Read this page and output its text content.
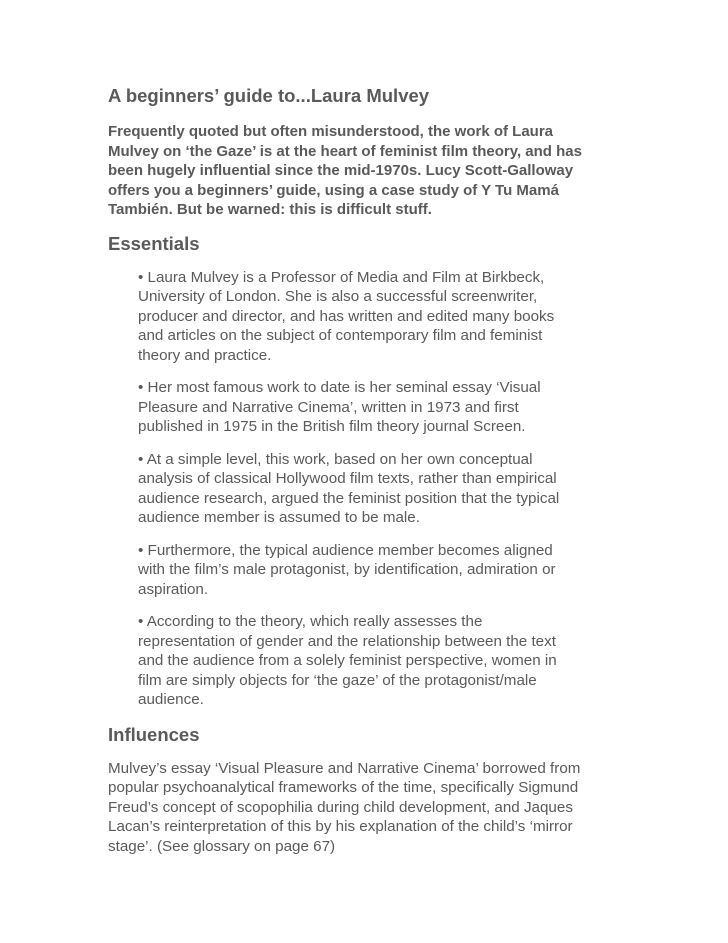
A beginners’ guide to...Laura Mulvey

Frequently quoted but often misunderstood, the work of Laura
Mulvey on ‘the Gaze’ is at the heart of feminist film theory, and has
been hugely influential since the mid-1970s. Lucy Scott-Galloway
offers you a beginners’ guide, using a case study of Y Tu Mamá
También. But be warned: this is difficult stuff.

Essentials

• Laura Mulvey is a Professor of Media and Film at Birkbeck,
University of London. She is also a successful screenwriter,
producer and director, and has written and edited many books
and articles on the subject of contemporary film and feminist
theory and practice.

• Her most famous work to date is her seminal essay ‘Visual
Pleasure and Narrative Cinema’, written in 1973 and first
published in 1975 in the British film theory journal Screen.

• At a simple level, this work, based on her own conceptual
analysis of classical Hollywood film texts, rather than empirical
audience research, argued the feminist position that the typical
audience member is assumed to be male.

• Furthermore, the typical audience member becomes aligned
with the film’s male protagonist, by identification, admiration or
aspiration.

• According to the theory, which really assesses the
representation of gender and the relationship between the text
and the audience from a solely feminist perspective, women in
film are simply objects for ‘the gaze’ of the protagonist/male
audience.

Influences

Mulvey’s essay ‘Visual Pleasure and Narrative Cinema’ borrowed from
popular psychoanalytical frameworks of the time, specifically Sigmund
Freud’s concept of scopophilia during child development, and Jaques
Lacan’s reinterpretation of this by his explanation of the child’s ‘mirror
stage’. (See glossary on page 67)
